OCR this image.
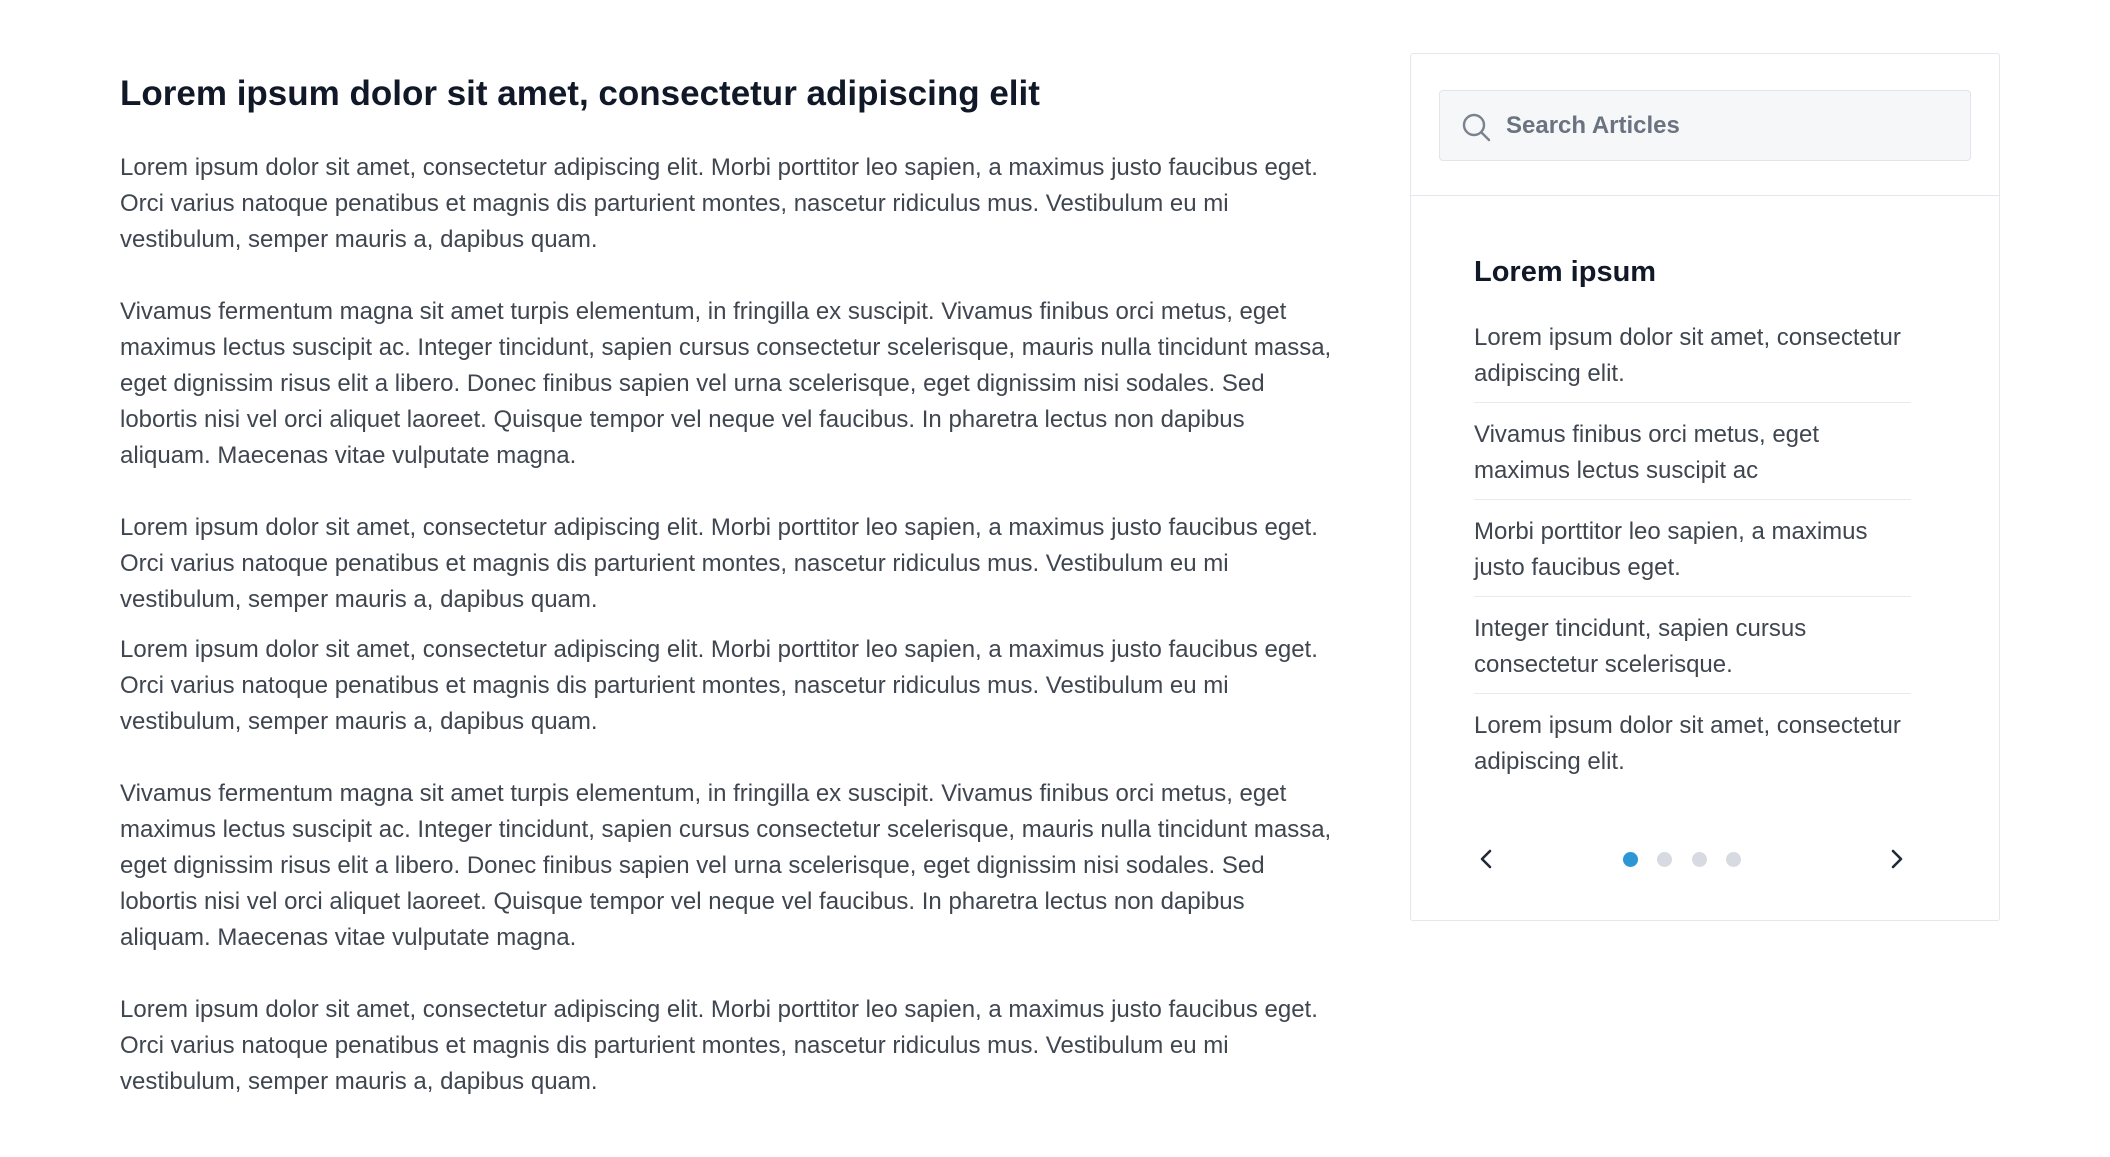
Lorem ipsum dolor sit amet, consectetur adipiscing elit

Lorem ipsum dolor sit amet, consectetur adipiscing elit. Morbi porttitor leo sapien, a maximus justo faucibus eget. Orci varius natoque penatibus et magnis dis parturient montes, nascetur ridiculus mus. Vestibulum eu mi vestibulum, semper mauris a, dapibus quam.

Vivamus fermentum magna sit amet turpis elementum, in fringilla ex suscipit. Vivamus finibus orci metus, eget maximus lectus suscipit ac. Integer tincidunt, sapien cursus consectetur scelerisque, mauris nulla tincidunt massa, eget dignissim risus elit a libero. Donec finibus sapien vel urna scelerisque, eget dignissim nisi sodales. Sed lobortis nisi vel orci aliquet laoreet. Quisque tempor vel neque vel faucibus. In pharetra lectus non dapibus aliquam. Maecenas vitae vulputate magna.

Lorem ipsum dolor sit amet, consectetur adipiscing elit. Morbi porttitor leo sapien, a maximus justo faucibus eget. Orci varius natoque penatibus et magnis dis parturient montes, nascetur ridiculus mus. Vestibulum eu mi vestibulum, semper mauris a, dapibus quam.

Lorem ipsum dolor sit amet, consectetur adipiscing elit. Morbi porttitor leo sapien, a maximus justo faucibus eget. Orci varius natoque penatibus et magnis dis parturient montes, nascetur ridiculus mus. Vestibulum eu mi vestibulum, semper mauris a, dapibus quam.

Vivamus fermentum magna sit amet turpis elementum, in fringilla ex suscipit. Vivamus finibus orci metus, eget maximus lectus suscipit ac. Integer tincidunt, sapien cursus consectetur scelerisque, mauris nulla tincidunt massa, eget dignissim risus elit a libero. Donec finibus sapien vel urna scelerisque, eget dignissim nisi sodales. Sed lobortis nisi vel orci aliquet laoreet. Quisque tempor vel neque vel faucibus. In pharetra lectus non dapibus aliquam. Maecenas vitae vulputate magna.

Lorem ipsum dolor sit amet, consectetur adipiscing elit. Morbi porttitor leo sapien, a maximus justo faucibus eget. Orci varius natoque penatibus et magnis dis parturient montes, nascetur ridiculus mus. Vestibulum eu mi vestibulum, semper mauris a, dapibus quam.

Search Articles
Lorem ipsum
Lorem ipsum dolor sit amet, consectetur adipiscing elit.
Vivamus finibus orci metus, eget maximus lectus suscipit ac
Morbi porttitor leo sapien, a maximus justo faucibus eget.
Integer tincidunt, sapien cursus consectetur scelerisque.
Lorem ipsum dolor sit amet, consectetur adipiscing elit.
